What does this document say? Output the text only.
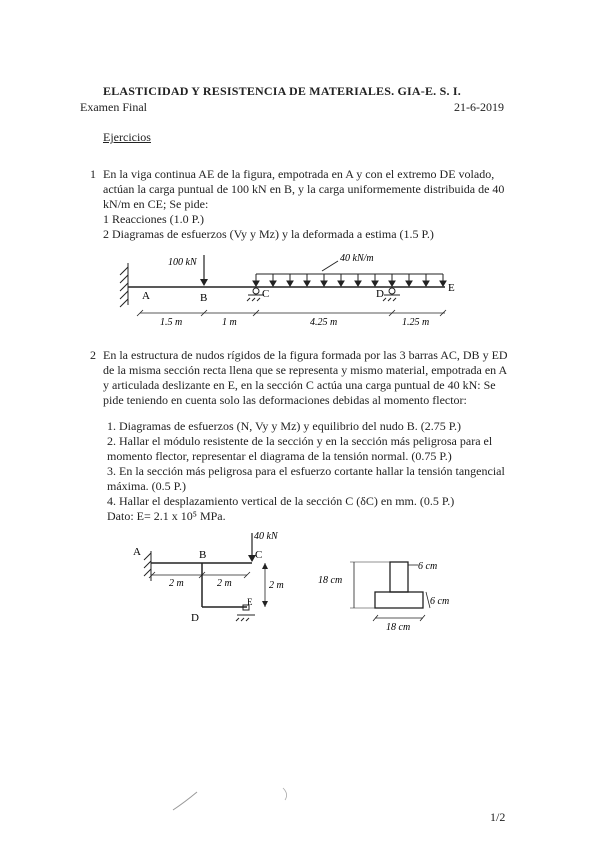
ELASTICIDAD Y RESISTENCIA DE MATERIALES. GIA-E. S. I.
Examen Final	21-6-2019
Ejercicios
1 En la viga continua AE de la figura, empotrada en A y con el extremo DE volado,
actúan la carga puntual de 100 kN en B, y la carga uniformemente distribuida de 40
kN/m en CE; Se pide:
1 Reacciones (1.0 P.)
2 Diagramas de esfuerzos (Vy y Mz) y la deformada a estima (1.5 P.)
100 kN	40 kN/m
A	B	C	D	E
1.5 m	1 m	4.25 m	1.25 m
2 En la estructura de nudos rígidos de la figura formada por las 3 barras AC, DB y ED
de la misma sección recta llena que se representa y mismo material, empotrada en A
y articulada deslizante en E, en la sección C actúa una carga puntual de 40 kN: Se
pide teniendo en cuenta solo las deformaciones debidas al momento flector:
1. Diagramas de esfuerzos (N, Vy y Mz) y equilibrio del nudo B. (2.75 P.)
2. Hallar el módulo resistente de la sección y en la sección más peligrosa para el
momento flector, representar el diagrama de la tensión normal. (0.75 P.)
3. En la sección más peligrosa para el esfuerzo cortante hallar la tensión tangencial
máxima. (0.5 P.)
4. Hallar el desplazamiento vertical de la sección C (δC) en mm. (0.5 P.)
Dato: E= 2.1 x 10⁵ MPa.
A	B	C
40 kN
D
E
2 m	2 m	2 m
6 cm
18 cm
6 cm
18 cm
1/2
